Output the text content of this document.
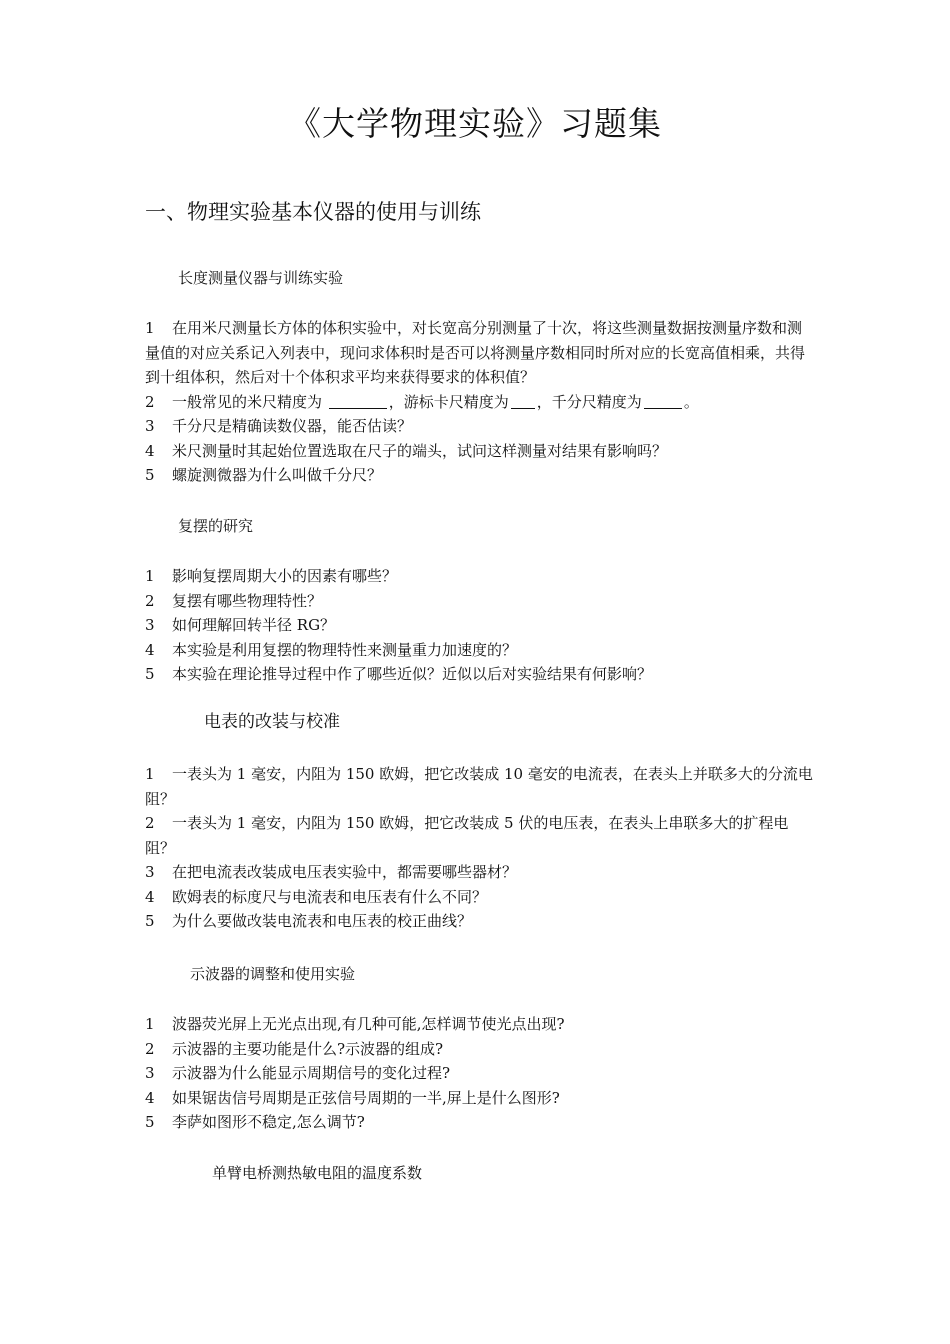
《大学物理实验》习题集
一、物理实验基本仪器的使用与训练
长度测量仪器与训练实验

1 在用米尺测量长方体的体积实验中，对长宽高分别测量了十次，将这些测量数据按测量序数和测量值的对应关系记入列表中，现问求体积时是否可以将测量序数相同时所对应的长宽高值相乘，共得到十组体积，然后对十个体积求平均来获得要求的体积值？

2 一般常见的米尺精度为	，游标卡尺精度为 ，千分尺精度为	。

3 千分尺是精确读数仪器，能否估读？

4 米尺测量时其起始位置选取在尺子的端头，试问这样测量对结果有影响吗？

5 螺旋测微器为什么叫做千分尺？

复摆的研究

1 影响复摆周期大小的因素有哪些？

2 复摆有哪些物理特性？

3 如何理解回转半径 RG？

4 本实验是利用复摆的物理特性来测量重力加速度的？

5 本实验在理论推导过程中作了哪些近似？近似以后对实验结果有何影响？

电表的改装与校准

1 一表头为 1 毫安，内阻为 150 欧姆，把它改装成 10 毫安的电流表，在表头上并联多大的分流电阻？

2 一表头为 1 毫安，内阻为 150 欧姆，把它改装成 5 伏的电压表，在表头上串联多大的扩程电阻？

3 在把电流表改装成电压表实验中，都需要哪些器材？

4 欧姆表的标度尺与电流表和电压表有什么不同？

5 为什么要做改装电流表和电压表的校正曲线？

示波器的调整和使用实验

1 波器荧光屏上无光点出现,有几种可能,怎样调节使光点出现?

2 示波器的主要功能是什么?示波器的组成?

3 示波器为什么能显示周期信号的变化过程?

4 如果锯齿信号周期是正弦信号周期的一半,屏上是什么图形?

5 李萨如图形不稳定,怎么调节?

单臂电桥测热敏电阻的温度系数
